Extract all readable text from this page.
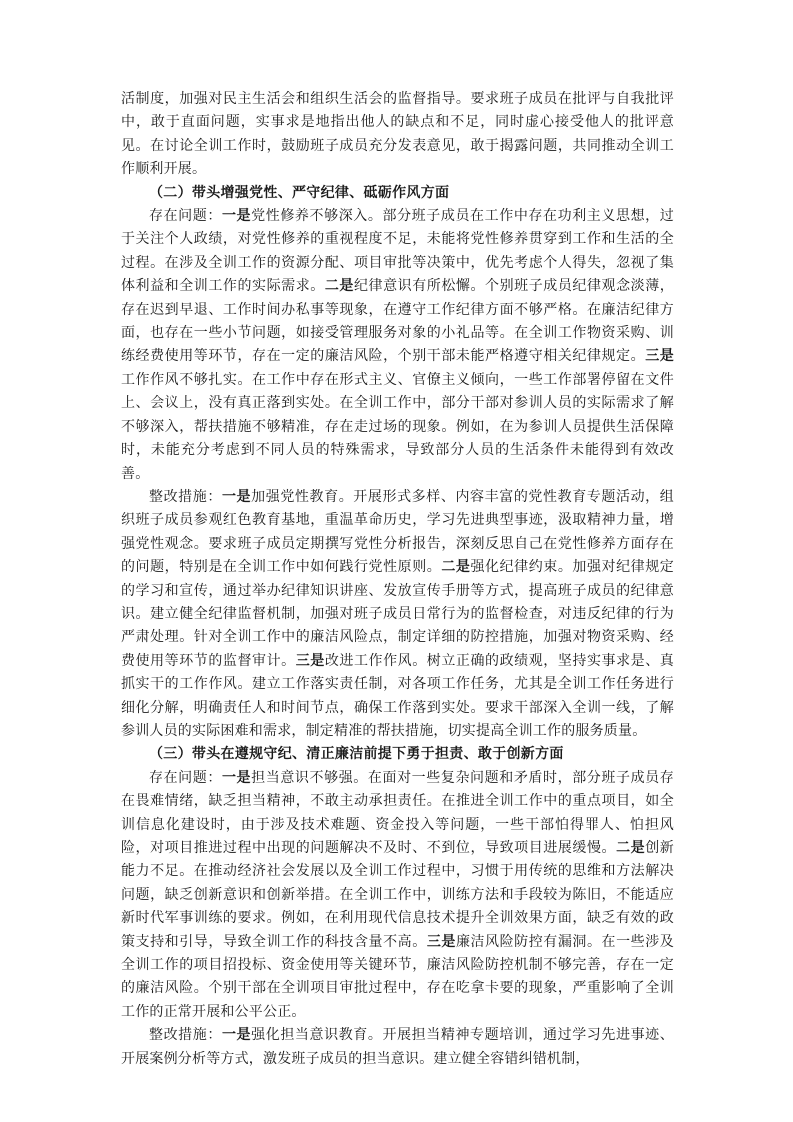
活制度，加强对民主生活会和组织生活会的监督指导。要求班子成员在批评与自我批评中，敢于直面问题，实事求是地指出他人的缺点和不足，同时虚心接受他人的批评意见。在讨论全训工作时，鼓励班子成员充分发表意见，敢于揭露问题，共同推动全训工作顺利开展。

（二）带头增强党性、严守纪律、砥砺作风方面

存在问题：一是党性修养不够深入。部分班子成员在工作中存在功利主义思想，过于关注个人政绩，对党性修养的重视程度不足，未能将党性修养贯穿到工作和生活的全过程。在涉及全训工作的资源分配、项目审批等决策中，优先考虑个人得失，忽视了集体利益和全训工作的实际需求。二是纪律意识有所松懈。个别班子成员纪律观念淡薄，存在迟到早退、工作时间办私事等现象，在遵守工作纪律方面不够严格。在廉洁纪律方面，也存在一些小节问题，如接受管理服务对象的小礼品等。在全训工作物资采购、训练经费使用等环节，存在一定的廉洁风险，个别干部未能严格遵守相关纪律规定。三是工作作风不够扎实。在工作中存在形式主义、官僚主义倾向，一些工作部署停留在文件上、会议上，没有真正落到实处。在全训工作中，部分干部对参训人员的实际需求了解不够深入，帮扶措施不够精准，存在走过场的现象。例如，在为参训人员提供生活保障时，未能充分考虑到不同人员的特殊需求，导致部分人员的生活条件未能得到有效改善。

整改措施：一是加强党性教育。开展形式多样、内容丰富的党性教育专题活动，组织班子成员参观红色教育基地，重温革命历史，学习先进典型事迹，汲取精神力量，增强党性观念。要求班子成员定期撰写党性分析报告，深刻反思自己在党性修养方面存在的问题，特别是在全训工作中如何践行党性原则。二是强化纪律约束。加强对纪律规定的学习和宣传，通过举办纪律知识讲座、发放宣传手册等方式，提高班子成员的纪律意识。建立健全纪律监督机制，加强对班子成员日常行为的监督检查，对违反纪律的行为严肃处理。针对全训工作中的廉洁风险点，制定详细的防控措施，加强对物资采购、经费使用等环节的监督审计。三是改进工作作风。树立正确的政绩观，坚持实事求是、真抓实干的工作作风。建立工作落实责任制，对各项工作任务，尤其是全训工作任务进行细化分解，明确责任人和时间节点，确保工作落到实处。要求干部深入全训一线，了解参训人员的实际困难和需求，制定精准的帮扶措施，切实提高全训工作的服务质量。

（三）带头在遵规守纪、清正廉洁前提下勇于担责、敢于创新方面

存在问题：一是担当意识不够强。在面对一些复杂问题和矛盾时，部分班子成员存在畏难情绪，缺乏担当精神，不敢主动承担责任。在推进全训工作中的重点项目，如全训信息化建设时，由于涉及技术难题、资金投入等问题，一些干部怕得罪人、怕担风险，对项目推进过程中出现的问题解决不及时、不到位，导致项目进展缓慢。二是创新能力不足。在推动经济社会发展以及全训工作过程中，习惯于用传统的思维和方法解决问题，缺乏创新意识和创新举措。在全训工作中，训练方法和手段较为陈旧，不能适应新时代军事训练的要求。例如，在利用现代信息技术提升全训效果方面，缺乏有效的政策支持和引导，导致全训工作的科技含量不高。三是廉洁风险防控有漏洞。在一些涉及全训工作的项目招投标、资金使用等关键环节，廉洁风险防控机制不够完善，存在一定的廉洁风险。个别干部在全训项目审批过程中，存在吃拿卡要的现象，严重影响了全训工作的正常开展和公平公正。

整改措施：一是强化担当意识教育。开展担当精神专题培训，通过学习先进事迹、开展案例分析等方式，激发班子成员的担当意识。建立健全容错纠错机制，
